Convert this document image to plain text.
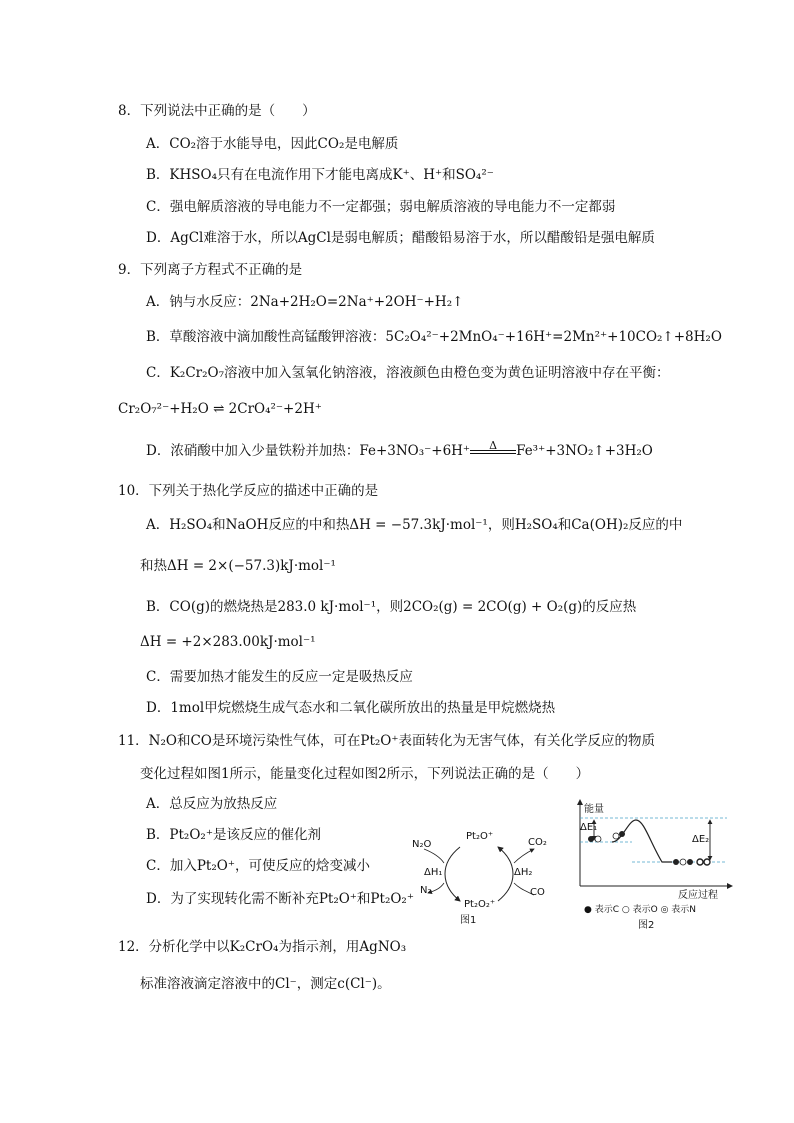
8．下列说法中正确的是（　　）
A．CO₂溶于水能导电，因此CO₂是电解质
B．KHSO₄只有在电流作用下才能电离成K⁺、H⁺和SO₄²⁻
C．强电解质溶液的导电能力不一定都强；弱电解质溶液的导电能力不一定都弱
D．AgCl难溶于水，所以AgCl是弱电解质；醋酸铅易溶于水，所以醋酸铅是强电解质
9．下列离子方程式不正确的是
A．钠与水反应：2Na+2H₂O=2Na⁺+2OH⁻+H₂↑
B．草酸溶液中滴加酸性高锰酸钾溶液：5C₂O₄²⁻+2MnO₄⁻+16H⁺=2Mn²⁺+10CO₂↑+8H₂O
C．K₂Cr₂O₇溶液中加入氢氧化钠溶液，溶液颜色由橙色变为黄色证明溶液中存在平衡：
Cr₂O₇²⁻+H₂O ⇌ 2CrO₄²⁻+2H⁺
D．浓硝酸中加入少量铁粉并加热：Fe+3NO₃⁻+6H⁺	Δ	Fe³⁺+3NO₂↑+3H₂O
10．下列关于热化学反应的描述中正确的是
A．H₂SO₄和NaOH反应的中和热ΔH = −57.3kJ·mol⁻¹，则H₂SO₄和Ca(OH)₂反应的中
和热ΔH = 2×(−57.3)kJ·mol⁻¹
B．CO(g)的燃烧热是283.0 kJ·mol⁻¹，则2CO₂(g) = 2CO(g) + O₂(g)的反应热
ΔH = +2×283.00kJ·mol⁻¹
C．需要加热才能发生的反应一定是吸热反应
D．1mol甲烷燃烧生成气态水和二氧化碳所放出的热量是甲烷燃烧热
11．N₂O和CO是环境污染性气体，可在Pt₂O⁺表面转化为无害气体，有关化学反应的物质
变化过程如图1所示，能量变化过程如图2所示，下列说法正确的是（　　）
A．总反应为放热反应
B．Pt₂O₂⁺是该反应的催化剂
C．加入Pt₂O⁺，可使反应的焓变减小
D．为了实现转化需不断补充Pt₂O⁺和Pt₂O₂⁺
N₂O
Pt₂O⁺
CO₂
ΔH₁	ΔH₂
N₂
Pt₂O₂⁺
CO
图1
能量
ΔE₁
ΔE₂
反应过程
● 表示C ○ 表示O ◎ 表示N
图2
12．分析化学中以K₂CrO₄为指示剂，用AgNO₃
标准溶液滴定溶液中的Cl⁻，测定c(Cl⁻)。
